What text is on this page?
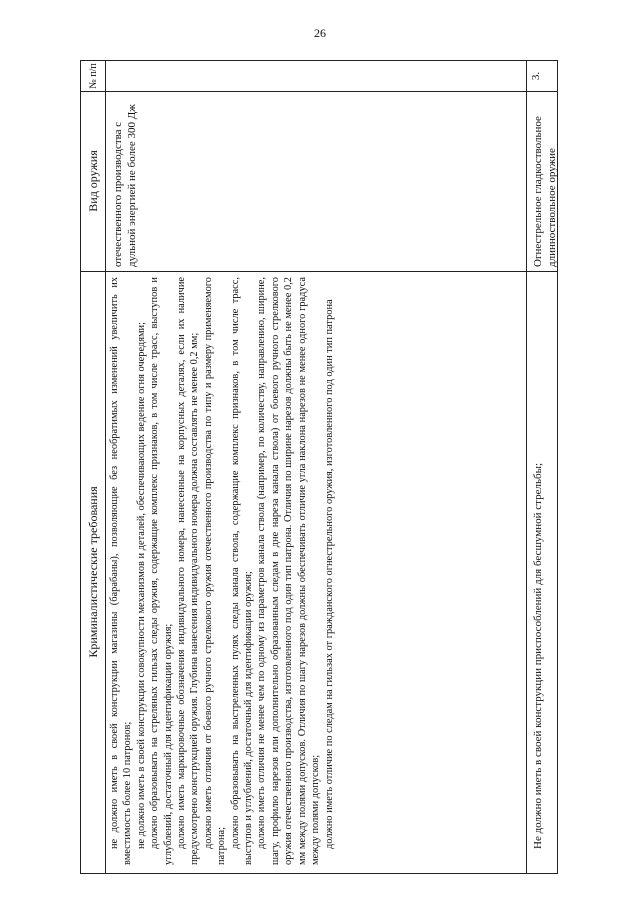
26
№ п/п
Вид оружия
Криминалистические требования
отечественного производства с дульной энергией не более 300 Дж

не должно иметь в своей конструкции магазины (барабаны), позволяющие без необратимых изменений увеличить их вместимость более 10 патронов; не должно иметь в своей конструкции совокупности механизмов и деталей, обеспечивающих ведение огня очередями; должно образовывать на стреляных гильзах следы оружия, содержащие комплекс признаков, в том числе трасс, выступов и углублений, достаточный для идентификации оружия; должно иметь маркировочные обозначения индивидуального номера, нанесенные на корпусных деталях, если их наличие предусмотрено конструкцией оружия. Глубина нанесения индивидуального номера должна составлять не менее 0,2 мм; должно иметь отличия от боевого ручного стрелкового оружия отечественного производства по типу и размеру применяемого патрона; должно образовывать на выстреленных пулях следы канала ствола, содержащие комплекс признаков, в том числе трасс, выступов и углублений, достаточный для идентификации оружия; должно иметь отличия не менее чем по одному из параметров канала ствола (например, по количеству, направлению, ширине, шагу, профилю нарезов или дополнительно образованным следам в дне нареза канала ствола) от боевого ручного стрелкового оружия отечественного производства, изготовленного под один тип патрона. Отличия по ширине нарезов должны быть не менее 0,2 мм между полями допусков. Отличия по шагу нарезов должны обеспечивать отличие угла наклона нарезов не менее одного градуса между полями допусков; должно иметь отличие по следам на гильзах от гражданского огнестрельного оружия, изготовленного под один тип патрона

3.
Огнестрельное гладкоствольное длинноствольное оружие

Не должно иметь в своей конструкции приспособлений для бесшумной стрельбы;
